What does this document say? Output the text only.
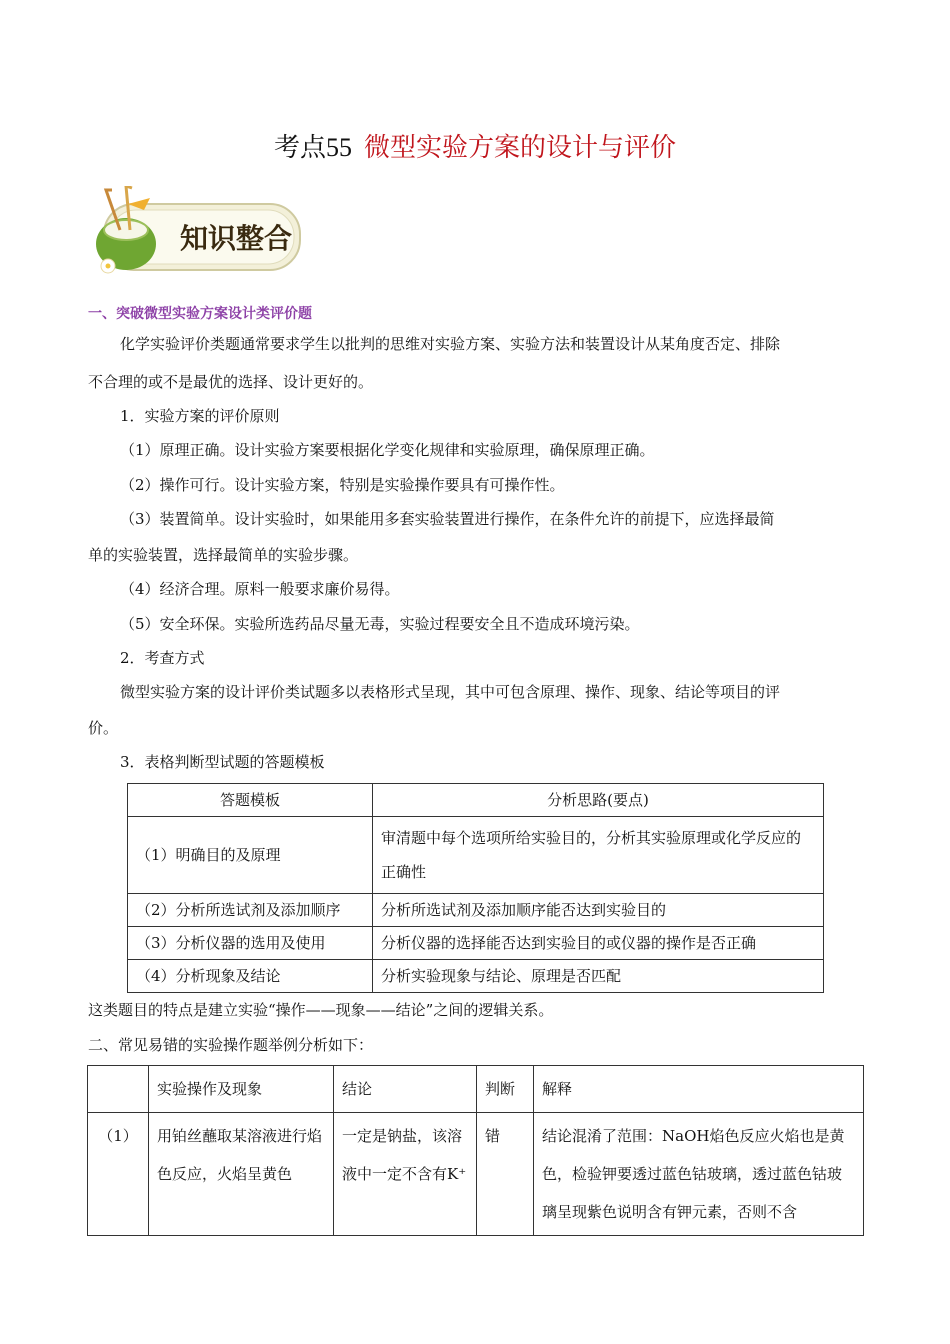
考点55 微型实验方案的设计与评价
知识整合
一、突破微型实验方案设计类评价题
化学实验评价类题通常要求学生以批判的思维对实验方案、实验方法和装置设计从某角度否定、排除
不合理的或不是最优的选择、设计更好的。
1．实验方案的评价原则
（1）原理正确。设计实验方案要根据化学变化规律和实验原理，确保原理正确。
（2）操作可行。设计实验方案，特别是实验操作要具有可操作性。
（3）装置简单。设计实验时，如果能用多套实验装置进行操作，在条件允许的前提下，应选择最简
单的实验装置，选择最简单的实验步骤。
（4）经济合理。原料一般要求廉价易得。
（5）安全环保。实验所选药品尽量无毒，实验过程要安全且不造成环境污染。
2．考查方式
微型实验方案的设计评价类试题多以表格形式呈现，其中可包含原理、操作、现象、结论等项目的评
价。
3．表格判断型试题的答题模板
答题模板	分析思路(要点)
（1）明确目的及原理	审清题中每个选项所给实验目的，分析其实验原理或化学反应的正确性
（2）分析所选试剂及添加顺序	分析所选试剂及添加顺序能否达到实验目的
（3）分析仪器的选用及使用	分析仪器的选择能否达到实验目的或仪器的操作是否正确
（4）分析现象及结论	分析实验现象与结论、原理是否匹配
这类题目的特点是建立实验“操作——现象——结论”之间的逻辑关系。
二、常见易错的实验操作题举例分析如下：
	实验操作及现象	结论	判断	解释
（1）	用铂丝蘸取某溶液进行焰色反应，火焰呈黄色	一定是钠盐，该溶液中一定不含有K⁺	错	结论混淆了范围：NaOH焰色反应火焰也是黄色，检验钾要透过蓝色钴玻璃，透过蓝色钴玻璃呈现紫色说明含有钾元素，否则不含
